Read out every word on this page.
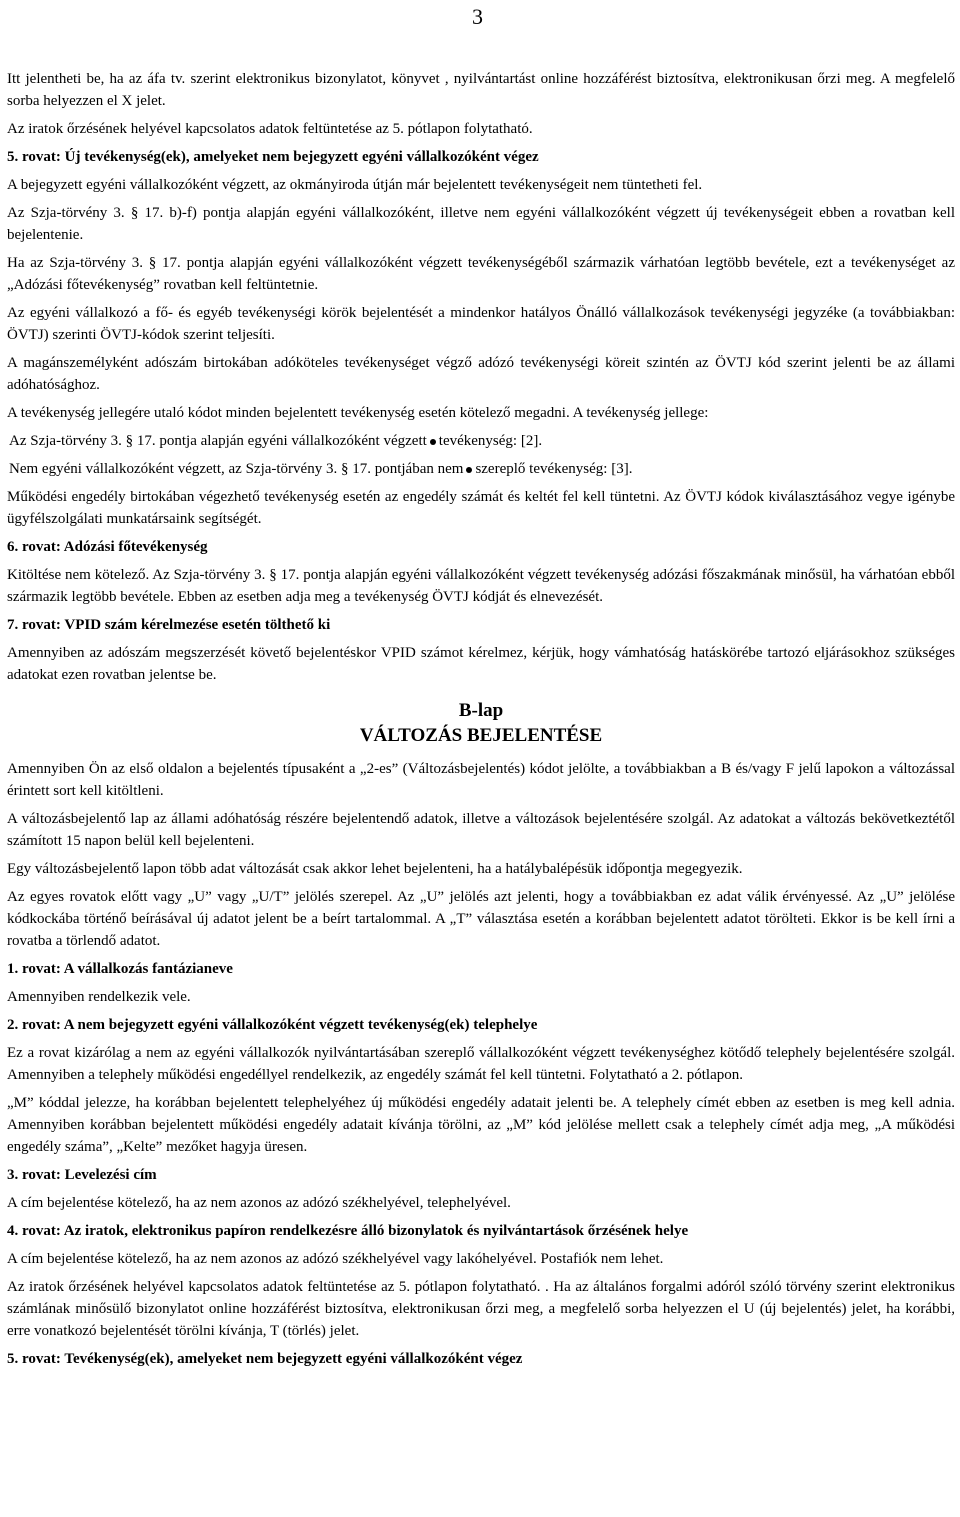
3

Itt jelentheti be, ha az áfa tv. szerint elektronikus bizonylatot, könyvet , nyilvántartást online hozzáférést biztosítva, elektronikusan őrzi meg. A megfelelő sorba helyezzen el X jelet.

Az iratok őrzésének helyével kapcsolatos adatok feltüntetése az 5. pótlapon folytatható.

5. rovat: Új tevékenység(ek), amelyeket nem bejegyzett egyéni vállalkozóként végez

A bejegyzett egyéni vállalkozóként végzett, az okmányiroda útján már bejelentett tevékenységeit nem tüntetheti fel.

Az Szja-törvény 3. § 17. b)-f) pontja alapján egyéni vállalkozóként, illetve nem egyéni vállalkozóként végzett új tevékenységeit ebben a rovatban kell bejelentenie.

Ha az Szja-törvény 3. § 17. pontja alapján egyéni vállalkozóként végzett tevékenységéből származik várhatóan legtöbb bevétele, ezt a tevékenységet az „Adózási főtevékenység” rovatban kell feltüntetnie.

Az egyéni vállalkozó a fő- és egyéb tevékenységi körök bejelentését a mindenkor hatályos Önálló vállalkozások tevékenységi jegyzéke (a továbbiakban: ÖVTJ) szerinti ÖVTJ-kódok szerint teljesíti.

A magánszemélyként adószám birtokában adóköteles tevékenységet végző adózó tevékenységi köreit szintén az ÖVTJ kód szerint jelenti be az állami adóhatósághoz.

A tevékenység jellegére utaló kódot minden bejelentett tevékenység esetén kötelező megadni. A tevékenység jellege:

Az Szja-törvény 3. § 17. pontja alapján egyéni vállalkozóként végzett tevékenység: [2].

Nem egyéni vállalkozóként végzett, az Szja-törvény 3. § 17. pontjában nem szereplő tevékenység: [3].

Működési engedély birtokában végezhető tevékenység esetén az engedély számát és keltét fel kell tüntetni. Az ÖVTJ kódok kiválasztásához vegye igénybe ügyfélszolgálati munkatársaink segítségét.

6. rovat: Adózási főtevékenység

Kitöltése nem kötelező. Az Szja-törvény 3. § 17. pontja alapján egyéni vállalkozóként végzett tevékenység adózási főszakmának minősül, ha várhatóan ebből származik legtöbb bevétele. Ebben az esetben adja meg a tevékenység ÖVTJ kódját és elnevezését.

7. rovat: VPID szám kérelmezése esetén tölthető ki

Amennyiben az adószám megszerzését követő bejelentéskor VPID számot kérelmez, kérjük, hogy vámhatóság hatáskörébe tartozó eljárásokhoz szükséges adatokat ezen rovatban jelentse be.

B-lap
VÁLTOZÁS BEJELENTÉSE

Amennyiben Ön az első oldalon a bejelentés típusaként a „2-es” (Változásbejelentés) kódot jelölte, a továbbiakban a B és/vagy F jelű lapokon a változással érintett sort kell kitöltleni.

A változásbejelentő lap az állami adóhatóság részére bejelentendő adatok, illetve a változások bejelentésére szolgál. Az adatokat a változás bekövetkeztétől számított 15 napon belül kell bejelenteni.

Egy változásbejelentő lapon több adat változását csak akkor lehet bejelenteni, ha a hatálybalépésük időpontja megegyezik.

Az egyes rovatok előtt vagy „U” vagy „U/T” jelölés szerepel. Az „U” jelölés azt jelenti, hogy a továbbiakban ez adat válik érvényessé. Az „U” jelölése kódkockába történő beírásával új adatot jelent be a beírt tartalommal. A „T” választása esetén a korábban bejelentett adatot törölteti. Ekkor is be kell írni a rovatba a törlendő adatot.

1. rovat: A vállalkozás fantázianeve

Amennyiben rendelkezik vele.

2. rovat: A nem bejegyzett egyéni vállalkozóként végzett tevékenység(ek) telephelye

Ez a rovat kizárólag a nem az egyéni vállalkozók nyilvántartásában szereplő vállalkozóként végzett tevékenységhez kötődő telephely bejelentésére szolgál. Amennyiben a telephely működési engedéllyel rendelkezik, az engedély számát fel kell tüntetni. Folytatható a 2. pótlapon.

„M” kóddal jelezze, ha korábban bejelentett telephelyéhez új működési engedély adatait jelenti be. A telephely címét ebben az esetben is meg kell adnia. Amennyiben korábban bejelentett működési engedély adatait kívánja törölni, az „M” kód jelölése mellett csak a telephely címét adja meg, „A működési engedély száma”, „Kelte” mezőket hagyja üresen.

3. rovat: Levelezési cím

A cím bejelentése kötelező, ha az nem azonos az adózó székhelyével, telephelyével.

4. rovat: Az iratok, elektronikus papíron rendelkezésre álló bizonylatok és nyilvántartások őrzésének helye

A cím bejelentése kötelező, ha az nem azonos az adózó székhelyével vagy lakóhelyével. Postafiók nem lehet.

Az iratok őrzésének helyével kapcsolatos adatok feltüntetése az 5. pótlapon folytatható. . Ha az általános forgalmi adóról szóló törvény szerint elektronikus számlának minősülő bizonylatot online hozzáférést biztosítva, elektronikusan őrzi meg, a megfelelő sorba helyezzen el U (új bejelentés) jelet, ha korábbi, erre vonatkozó bejelentését törölni kívánja, T (törlés) jelet.

5. rovat: Tevékenység(ek), amelyeket nem bejegyzett egyéni vállalkozóként végez
